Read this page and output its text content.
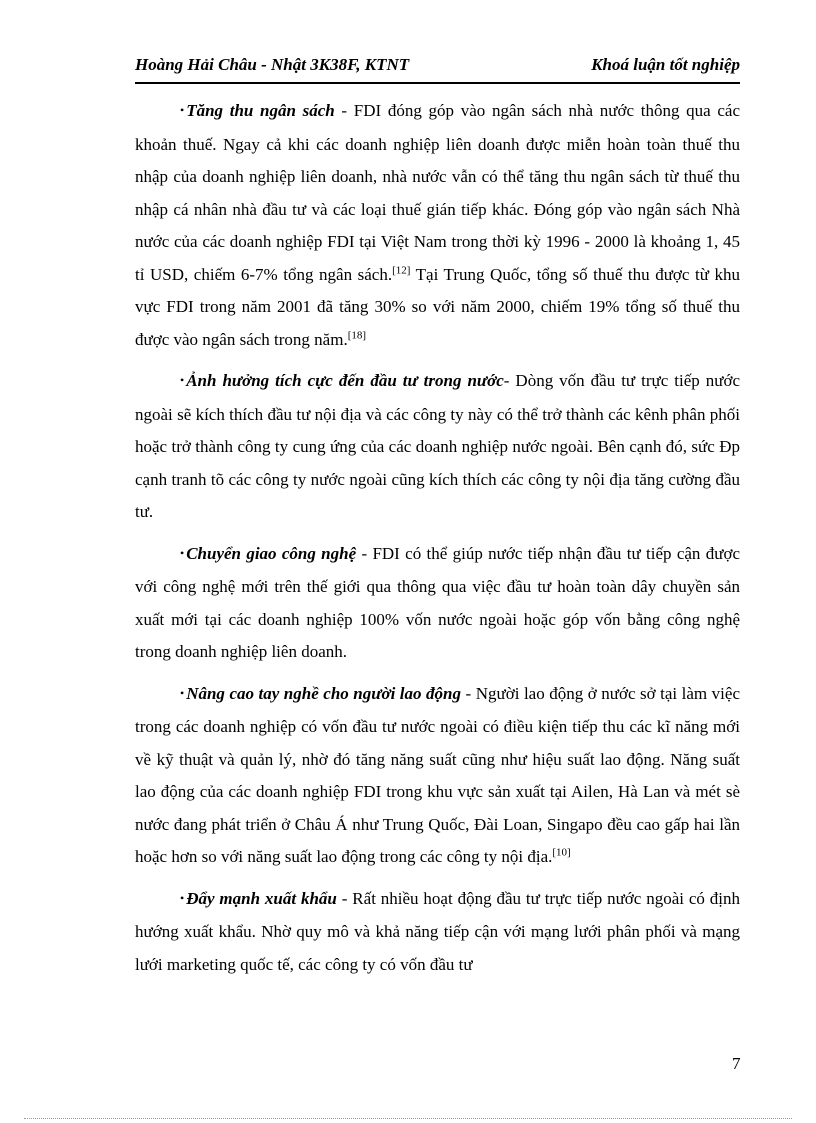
Hoàng Hải Châu - Nhật 3K38F, KTNT	Khoá luận tốt nghiệp

• Tăng thu ngân sách - FDI đóng góp vào ngân sách nhà nước thông qua các khoản thuế. Ngay cả khi các doanh nghiệp liên doanh được miễn hoàn toàn thuế thu nhập của doanh nghiệp liên doanh, nhà nước vẫn có thể tăng thu ngân sách từ thuế thu nhập cá nhân nhà đầu tư và các loại thuế gián tiếp khác. Đóng góp vào ngân sách Nhà nước của các doanh nghiệp FDI tại Việt Nam trong thời kỳ 1996 - 2000 là khoảng 1, 45 tỉ USD, chiếm 6-7% tổng ngân sách.[12] Tại Trung Quốc, tổng số thuế thu được từ khu vực FDI trong năm 2001 đã tăng 30% so với năm 2000, chiếm 19% tổng số thuế thu được vào ngân sách trong năm.[18]

• Ảnh hưởng tích cực đến đầu tư trong nước- Dòng vốn đầu tư trực tiếp nước ngoài sẽ kích thích đầu tư nội địa và các công ty này có thể trở thành các kênh phân phối hoặc trở thành công ty cung ứng của các doanh nghiệp nước ngoài. Bên cạnh đó, sức Đp cạnh tranh tõ các công ty nước ngoài cũng kích thích các công ty nội địa tăng cường đầu tư.

• Chuyển giao công nghệ - FDI có thể giúp nước tiếp nhận đầu tư tiếp cận được với công nghệ mới trên thế giới qua thông qua việc đầu tư hoàn toàn dây chuyền sản xuất mới tại các doanh nghiệp 100% vốn nước ngoài hoặc góp vốn bằng công nghệ trong doanh nghiệp liên doanh.

• Nâng cao tay nghề cho người lao động - Người lao động ở nước sở tại làm việc trong các doanh nghiệp có vốn đầu tư nước ngoài có điều kiện tiếp thu các kĩ năng mới về kỹ thuật và quản lý, nhờ đó tăng năng suất cũng như hiệu suất lao động. Năng suất lao động của các doanh nghiệp FDI trong khu vực sản xuất tại Ailen, Hà Lan và mét sè nước đang phát triển ở Châu Á như Trung Quốc, Đài Loan, Singapo đều cao gấp hai lần hoặc hơn so với năng suất lao động trong các công ty nội địa.[10]

• Đẩy mạnh xuất khẩu - Rất nhiều hoạt động đầu tư trực tiếp nước ngoài có định hướng xuất khẩu. Nhờ quy mô và khả năng tiếp cận với mạng lưới phân phối và mạng lưới marketing quốc tế, các công ty có vốn đầu tư

7
